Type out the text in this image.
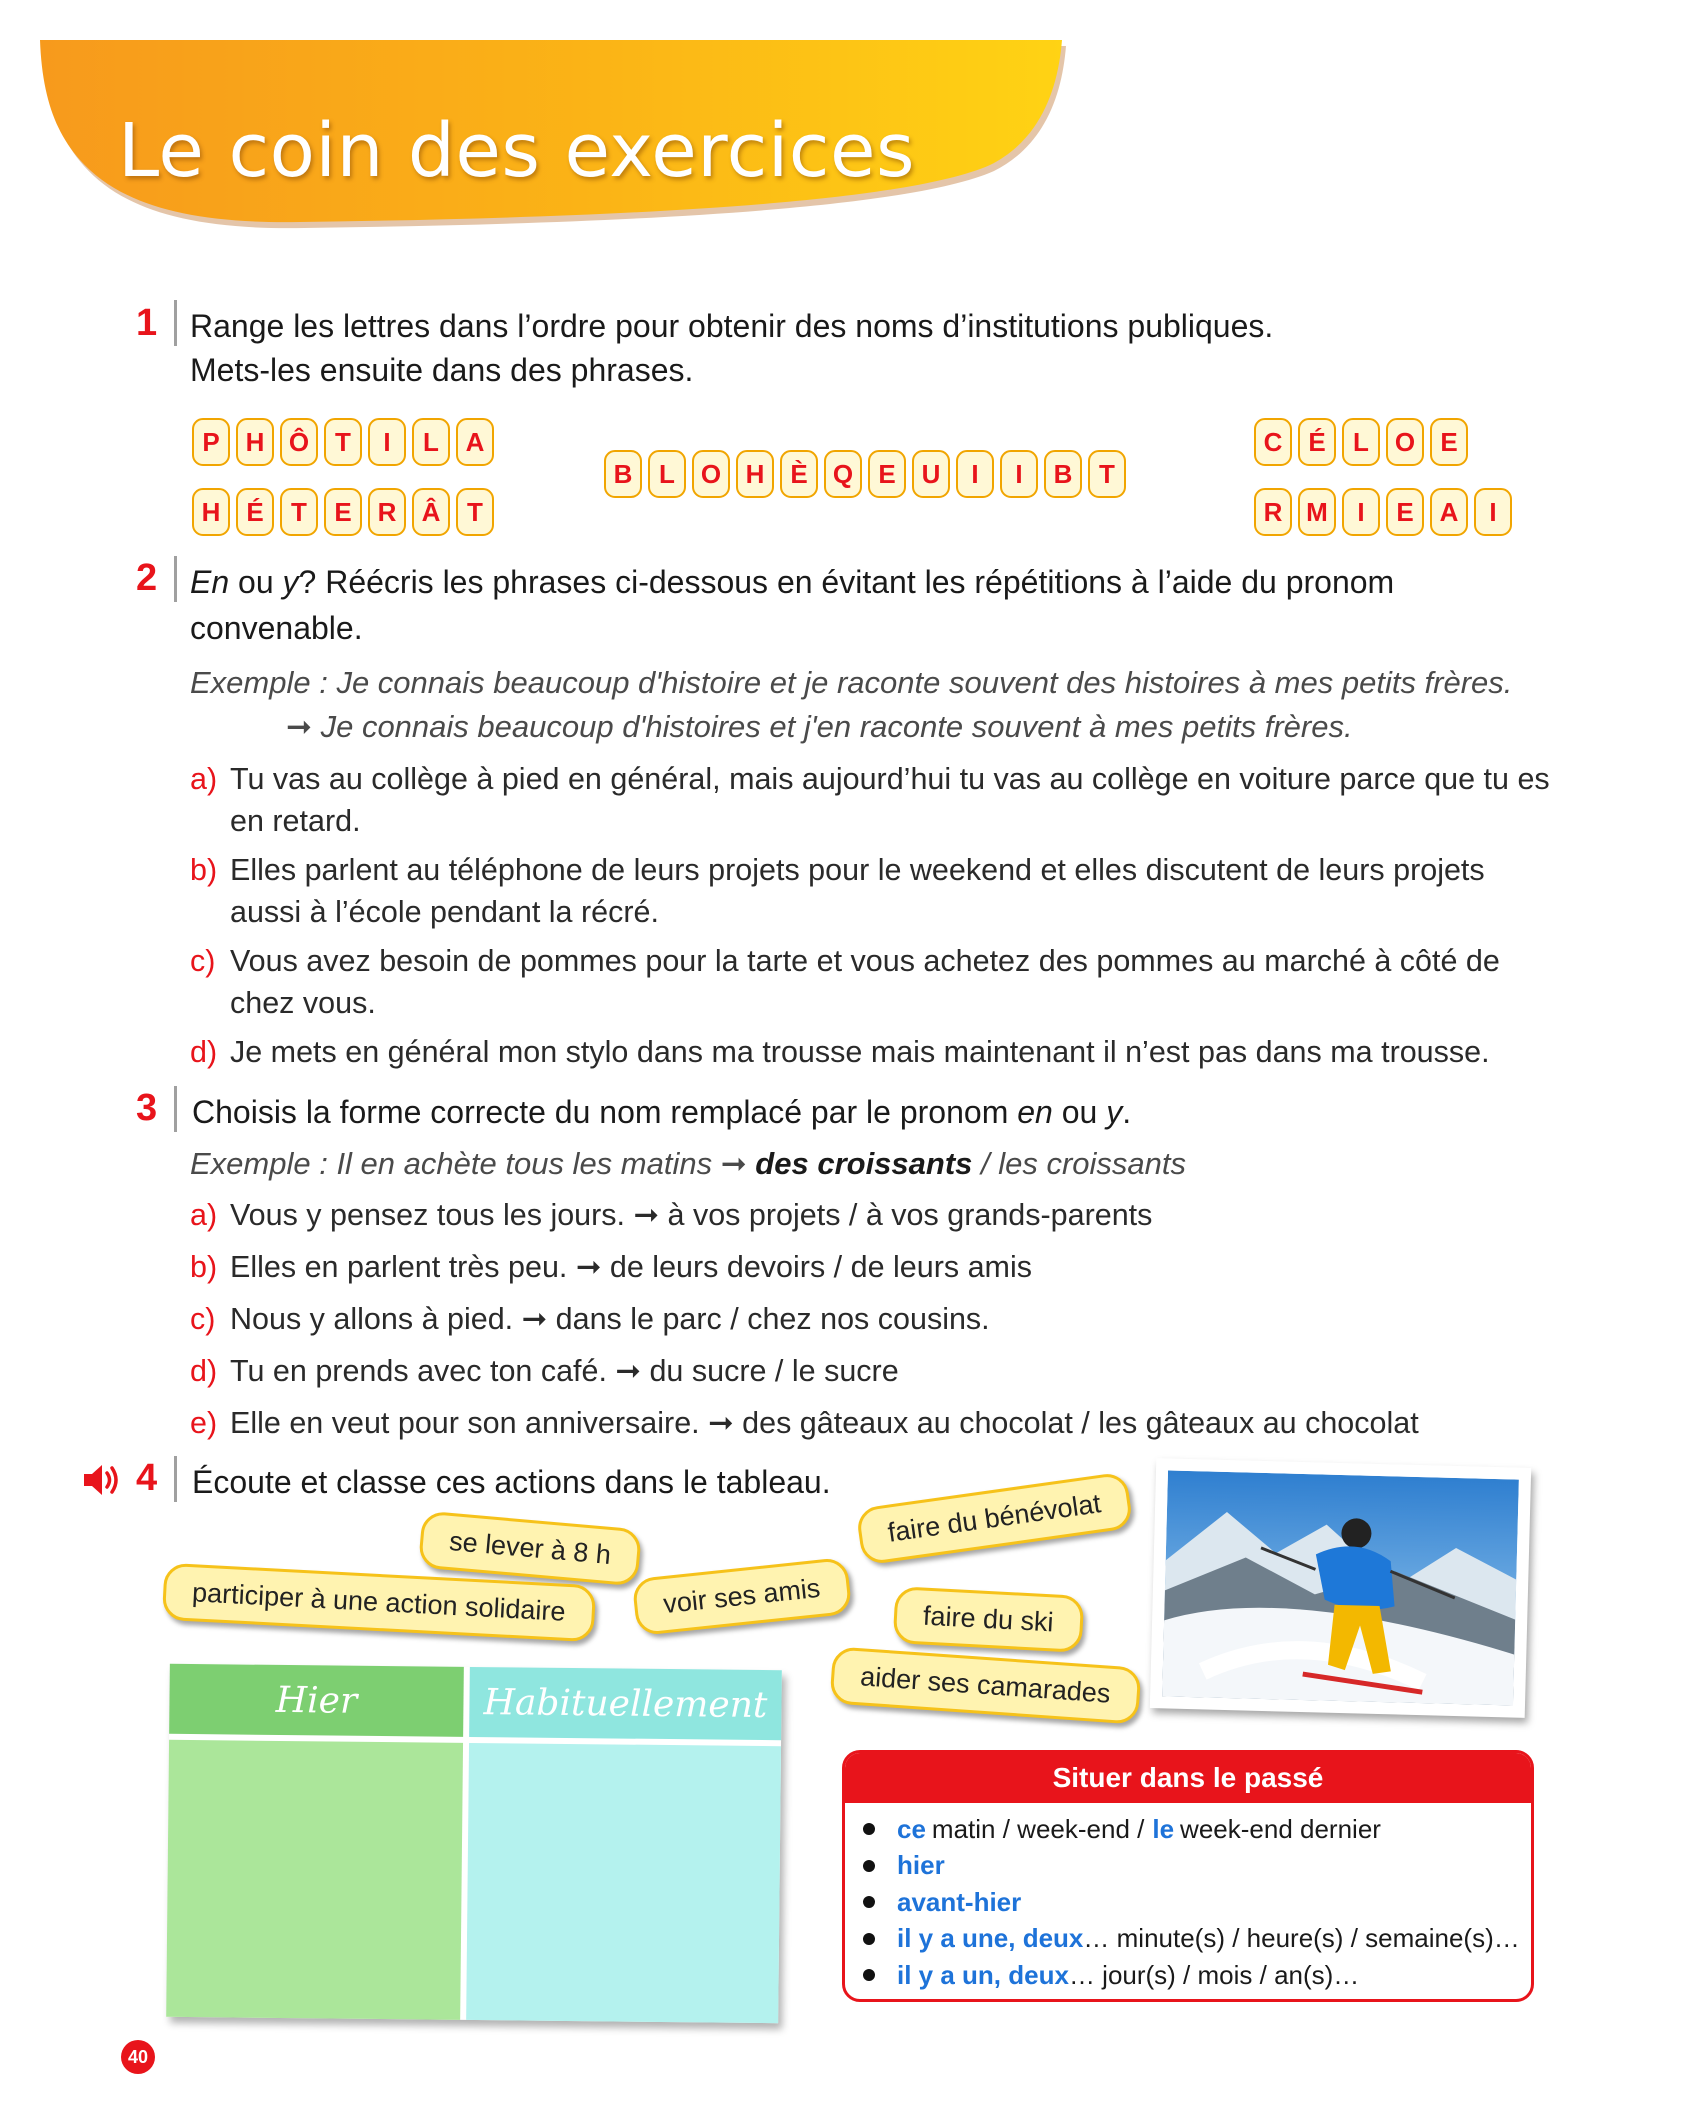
Le coin des exercices
1 Range les lettres dans l’ordre pour obtenir des noms d’institutions publiques.
Mets-les ensuite dans des phrases.
P H Ô T	I	L	A
H É	T	E R Â	T
B	L O H È Q E U	I	I	B	T
C É	L O E
R M	I	E A	I
2 En ou y? Réécris les phrases ci-dessous en évitant les répétitions à l’aide du pronom
convenable.
Exemple : Je connais beaucoup d'histoire et je raconte souvent des histoires à mes petits frères.
➞ Je connais beaucoup d'histoires et j'en raconte souvent à mes petits frères.
a) Tu vas au collège à pied en général, mais aujourd’hui tu vas au collège en voiture parce que tu es
en retard.
b) Elles parlent au téléphone de leurs projets pour le weekend et elles discutent de leurs projets
aussi à l’école pendant la récré.
c) Vous avez besoin de pommes pour la tarte et vous achetez des pommes au marché à côté de
chez vous.
d) Je mets en général mon stylo dans ma trousse mais maintenant il n’est pas dans ma trousse.
3 Choisis la forme correcte du nom remplacé par le pronom en ou y.
Exemple : Il en achète tous les matins ➞ des croissants / les croissants
a) Vous y pensez tous les jours. ➞ à vos projets / à vos grands-parents
b) Elles en parlent très peu. ➞ de leurs devoirs / de leurs amis
c) Nous y allons à pied. ➞ dans le parc / chez nos cousins.
d) Tu en prends avec ton café. ➞ du sucre / le sucre
e) Elle en veut pour son anniversaire. ➞ des gâteaux au chocolat / les gâteaux au chocolat
4 Écoute et classe ces actions dans le tableau.
se lever à 8 h
participer à une action solidaire	voir ses amis
faire du bénévolat
faire du ski
aider ses camarades
Hier	Habituellement
Situer dans le passé
ce matin / week-end / le week-end dernier
hier
avant-hier
il y a une, deux … minute(s) / heure(s) / semaine(s)…
il y a un, deux … jour(s) / mois / an(s)…
40
